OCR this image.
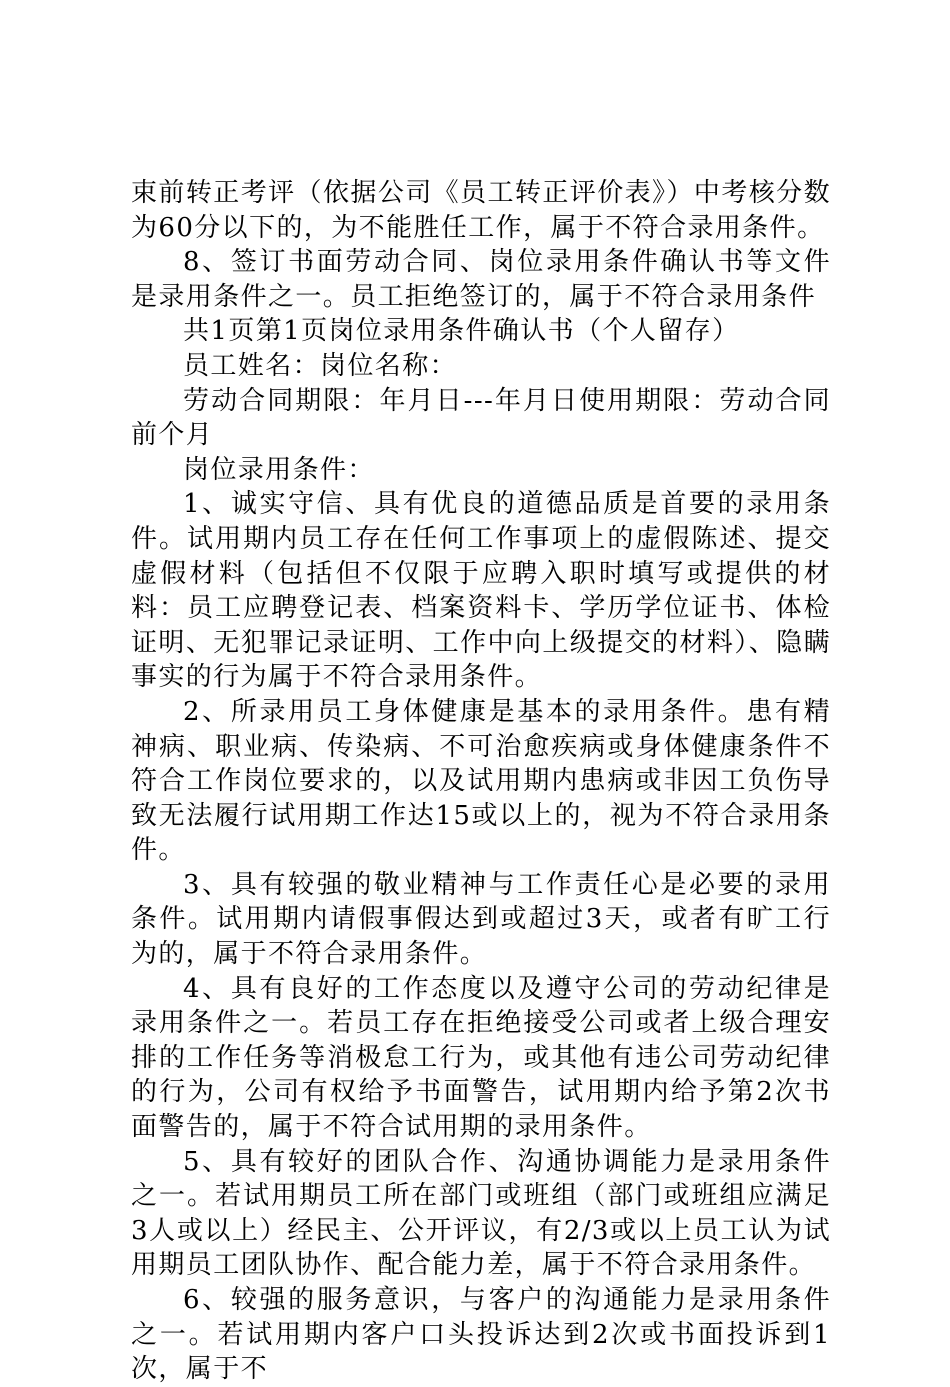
束前转正考评（依据公司《员工转正评价表》）中考核分数为60分以下的，为不能胜任工作，属于不符合录用条件。

8、签订书面劳动合同、岗位录用条件确认书等文件是录用条件之一。员工拒绝签订的，属于不符合录用条件

共1页第1页岗位录用条件确认书（个人留存）

员工姓名：岗位名称：

劳动合同期限：年月日---年月日使用期限：劳动合同前个月

岗位录用条件：

1、诚实守信、具有优良的道德品质是首要的录用条件。试用期内员工存在任何工作事项上的虚假陈述、提交虚假材料（包括但不仅限于应聘入职时填写或提供的材料：员工应聘登记表、档案资料卡、学历学位证书、体检证明、无犯罪记录证明、工作中向上级提交的材料）、隐瞒事实的行为属于不符合录用条件。

2、所录用员工身体健康是基本的录用条件。患有精神病、职业病、传染病、不可治愈疾病或身体健康条件不符合工作岗位要求的，以及试用期内患病或非因工负伤导致无法履行试用期工作达15或以上的，视为不符合录用条件。

3、具有较强的敬业精神与工作责任心是必要的录用条件。试用期内请假事假达到或超过3天，或者有旷工行为的，属于不符合录用条件。

4、具有良好的工作态度以及遵守公司的劳动纪律是录用条件之一。若员工存在拒绝接受公司或者上级合理安排的工作任务等消极怠工行为，或其他有违公司劳动纪律的行为，公司有权给予书面警告，试用期内给予第2次书面警告的，属于不符合试用期的录用条件。

5、具有较好的团队合作、沟通协调能力是录用条件之一。若试用期员工所在部门或班组（部门或班组应满足3人或以上）经民主、公开评议，有2/3或以上员工认为试用期员工团队协作、配合能力差，属于不符合录用条件。

6、较强的服务意识，与客户的沟通能力是录用条件之一。若试用期内客户口头投诉达到2次或书面投诉到1次，属于不
